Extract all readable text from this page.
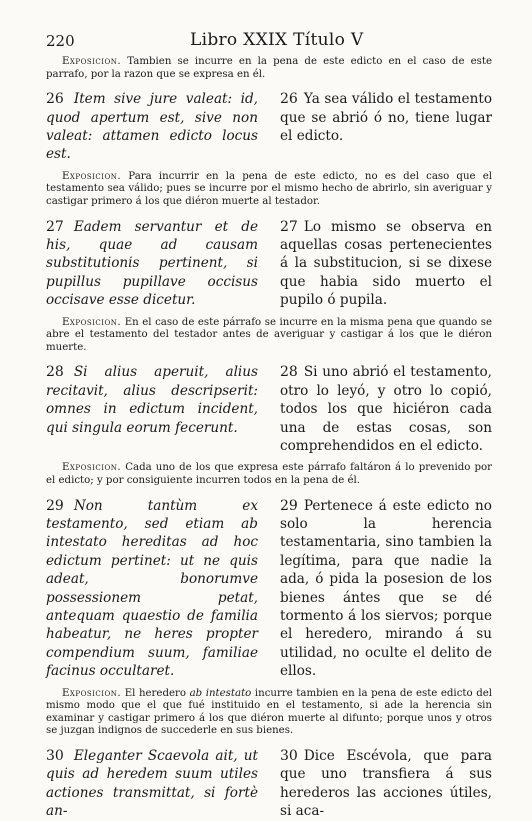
220	Libro XXIX Título V

Exposicion. Tambien se incurre en la pena de este edicto en el caso de este parrafo, por la razon que se expresa en él.

26 Item sive jure valeat: id, quod apertum est, sive non valeat: attamen edicto locus est.

26 Ya sea válido el testamento que se abrió ó no, tiene lugar el edicto.

Exposicion. Para incurrir en la pena de este edicto, no es del caso que el testamento sea válido; pues se incurre por el mismo hecho de abrirlo, sin averiguar y castigar primero á los que diéron muerte al testador.

27 Eadem servantur et de his, quae ad causam substitutionis pertinent, si pupillus pupillave occisus occisave esse dicetur.

27 Lo mismo se observa en aquellas cosas pertenecientes á la substitucion, si se dixese que habia sido muerto el pupilo ó pupila.

Exposicion. En el caso de este párrafo se incurre en la misma pena que quando se abre el testamento del testador antes de averiguar y castigar á los que le diéron muerte.

28 Si alius aperuit, alius recitavit, alius descripserit: omnes in edictum incident, qui singula eorum fecerunt.

28 Si uno abrió el testamento, otro lo leyó, y otro lo copió, todos los que hiciéron cada una de estas cosas, son comprehendidos en el edicto.

Exposicion. Cada uno de los que expresa este párrafo faltáron á lo prevenido por el edicto; y por consiguiente incurren todos en la pena de él.

29 Non tantùm ex testamento, sed etiam ab intestato hereditas ad hoc edictum pertinet: ut ne quis adeat, bonorumve possessionem petat, antequam quaestio de familia habeatur, ne heres propter compendium suum, familiae facinus occultaret.

29 Pertenece á este edicto no solo la herencia testamentaria, sino tambien la legítima, para que nadie la ada, ó pida la posesion de los bienes ántes que se dé tormento á los siervos; porque el heredero, mirando á su utilidad, no oculte el delito de ellos.

Exposicion. El heredero ab intestato incurre tambien en la pena de este edicto del mismo modo que el que fué instituido en el testamento, si ade la herencia sin examinar y castigar primero á los que diéron muerte al difunto; porque unos y otros se juzgan indignos de succederle en sus bienes.

30 Eleganter Scaevola ait, ut quis ad heredem suum utiles actiones transmittat, si fortè an-

30 Dice Escévola, que para que uno transfiera á sus herederos las acciones útiles, si aca-
